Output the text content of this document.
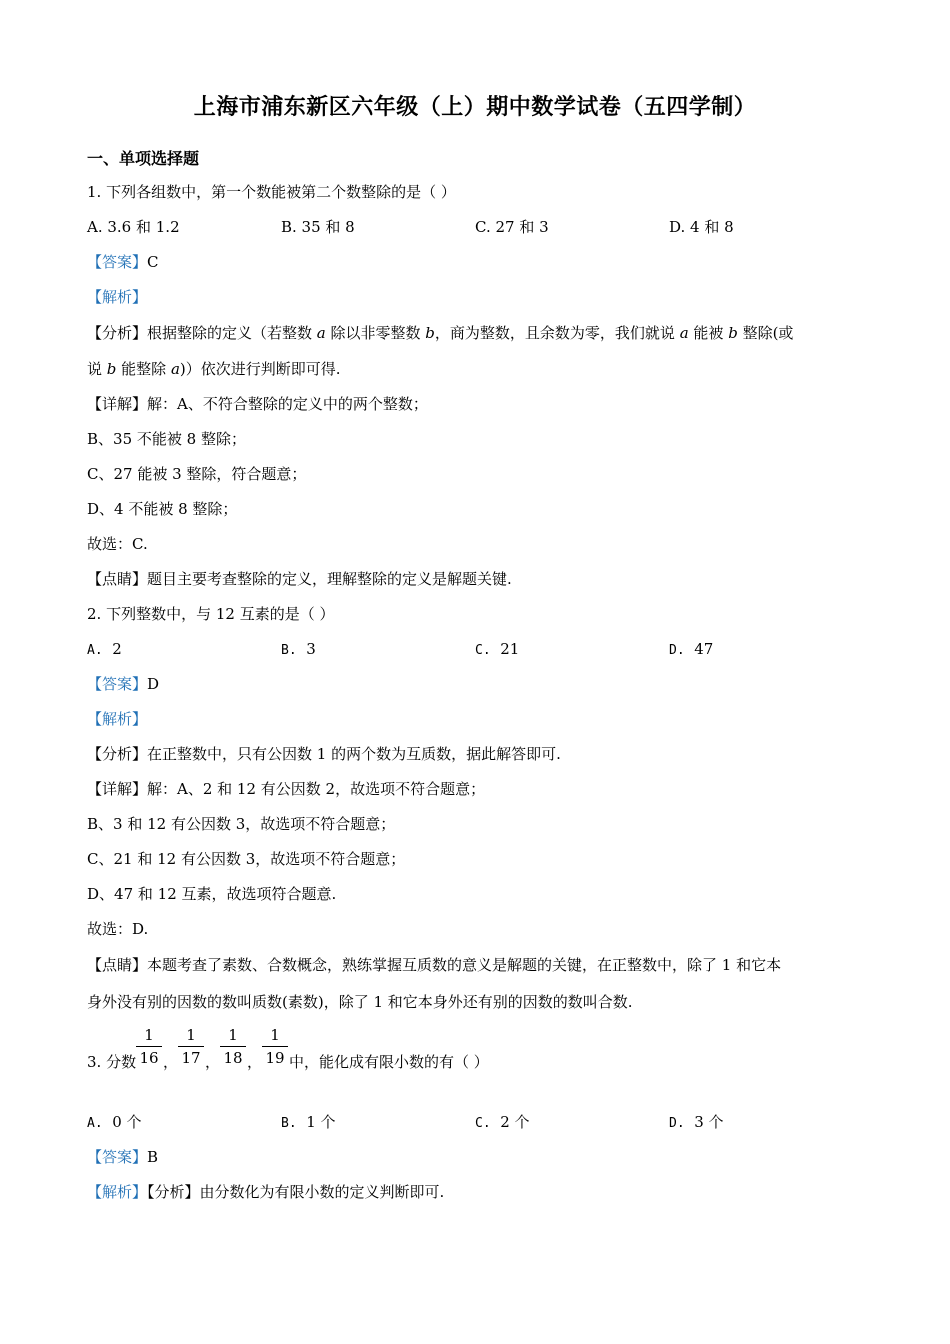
上海市浦东新区六年级（上）期中数学试卷（五四学制）
一、单项选择题
1. 下列各组数中，第一个数能被第二个数整除的是（ ）
A. 3.6 和 1.2	B. 35 和 8	C. 27 和 3	D. 4 和 8
【答案】C
【解析】
【分析】根据整除的定义（若整数 a 除以非零整数 b，商为整数，且余数为零，我们就说 a 能被 b 整除(或
说 b 能整除 a)）依次进行判断即可得.
【详解】解：A、不符合整除的定义中的两个整数；
B、35 不能被 8 整除；
C、27 能被 3 整除，符合题意；
D、4 不能被 8 整除；
故选：C.
【点睛】题目主要考查整除的定义，理解整除的定义是解题关键.
2. 下列整数中，与 12 互素的是（ ）
A. 2	B. 3	C. 21	D. 47
【答案】D
【解析】
【分析】在正整数中，只有公因数 1 的两个数为互质数，据此解答即可.
【详解】解：A、2 和 12 有公因数 2，故选项不符合题意；
B、3 和 12 有公因数 3，故选项不符合题意；
C、21 和 12 有公因数 3，故选项不符合题意；
D、47 和 12 互素，故选项符合题意.
故选：D.
【点睛】本题考查了素数、合数概念，熟练掌握互质数的意义是解题的关键，在正整数中，除了 1 和它本
身外没有别的因数的数叫质数(素数)，除了 1 和它本身外还有别的因数的数叫合数.
3. 分数 $\frac{1}{16}$ ， $\frac{1}{17}$ ， $\frac{1}{18}$ ， $\frac{1}{19}$ 中，能化成有限小数的有（ ）
A. 0 个	B. 1 个	C. 2 个	D. 3 个
【答案】B
【解析】【分析】由分数化为有限小数的定义判断即可.
